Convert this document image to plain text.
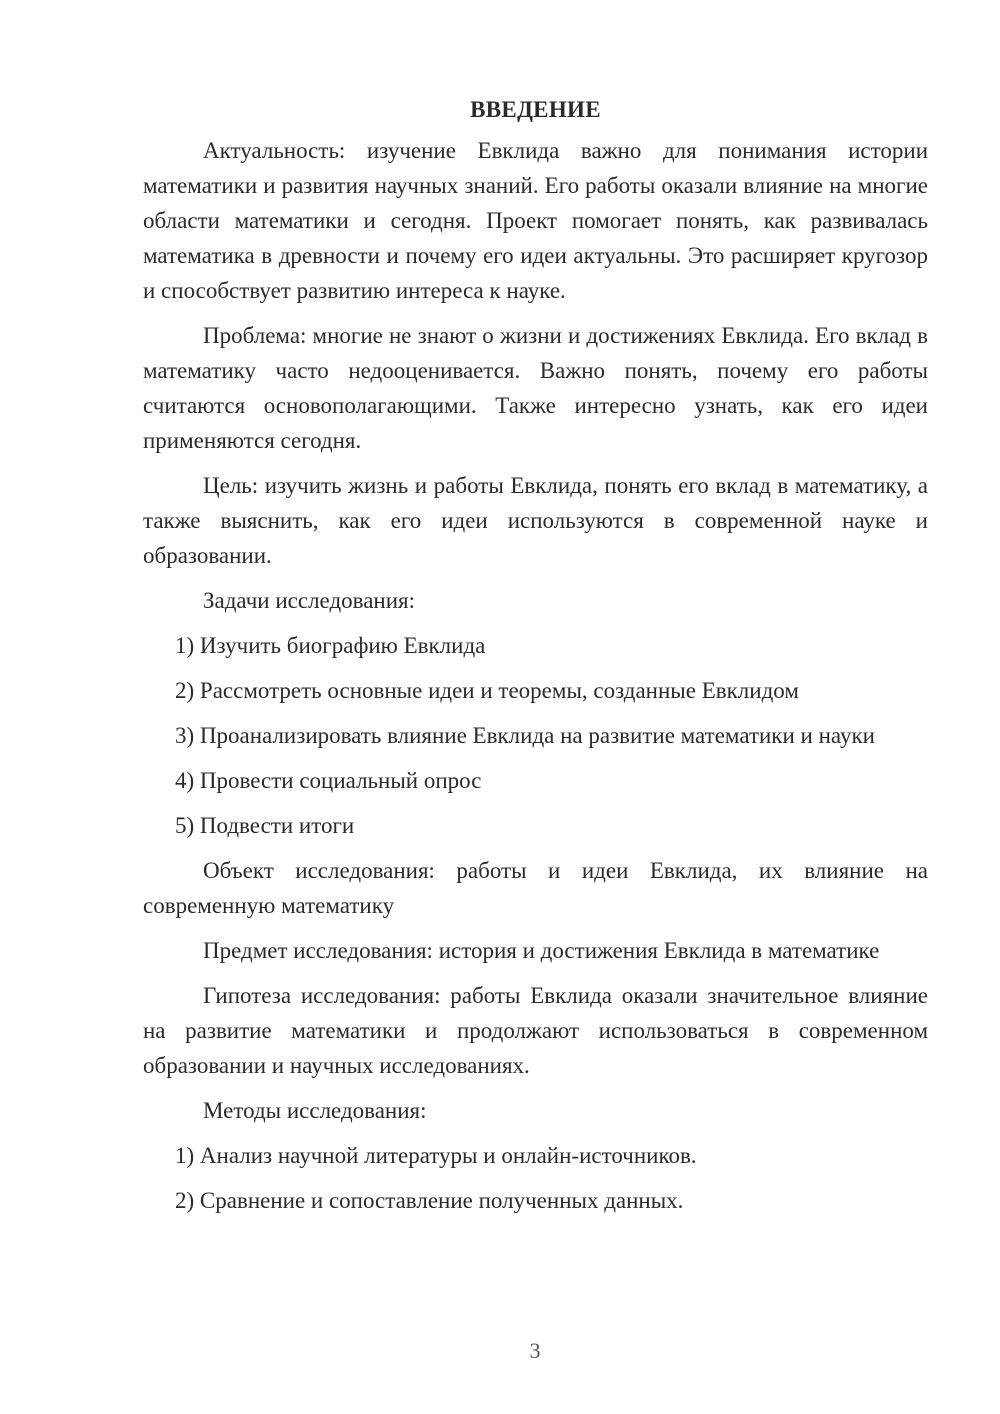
ВВЕДЕНИЕ

Актуальность: изучение Евклида важно для понимания истории математики и развития научных знаний. Его работы оказали влияние на многие области математики и сегодня. Проект помогает понять, как развивалась математика в древности и почему его идеи актуальны. Это расширяет кругозор и способствует развитию интереса к науке.

Проблема: многие не знают о жизни и достижениях Евклида. Его вклад в математику часто недооценивается. Важно понять, почему его работы считаются основополагающими. Также интересно узнать, как его идеи применяются сегодня.

Цель: изучить жизнь и работы Евклида, понять его вклад в математику, а также выяснить, как его идеи используются в современной науке и образовании.

Задачи исследования:

1) Изучить биографию Евклида

2) Рассмотреть основные идеи и теоремы, созданные Евклидом

3) Проанализировать влияние Евклида на развитие математики и науки

4) Провести социальный опрос

5) Подвести итоги

Объект исследования: работы и идеи Евклида, их влияние на современную математику

Предмет исследования: история и достижения Евклида в математике

Гипотеза исследования: работы Евклида оказали значительное влияние на развитие математики и продолжают использоваться в современном образовании и научных исследованиях.

Методы исследования:

1) Анализ научной литературы и онлайн-источников.

2) Сравнение и сопоставление полученных данных.

3
